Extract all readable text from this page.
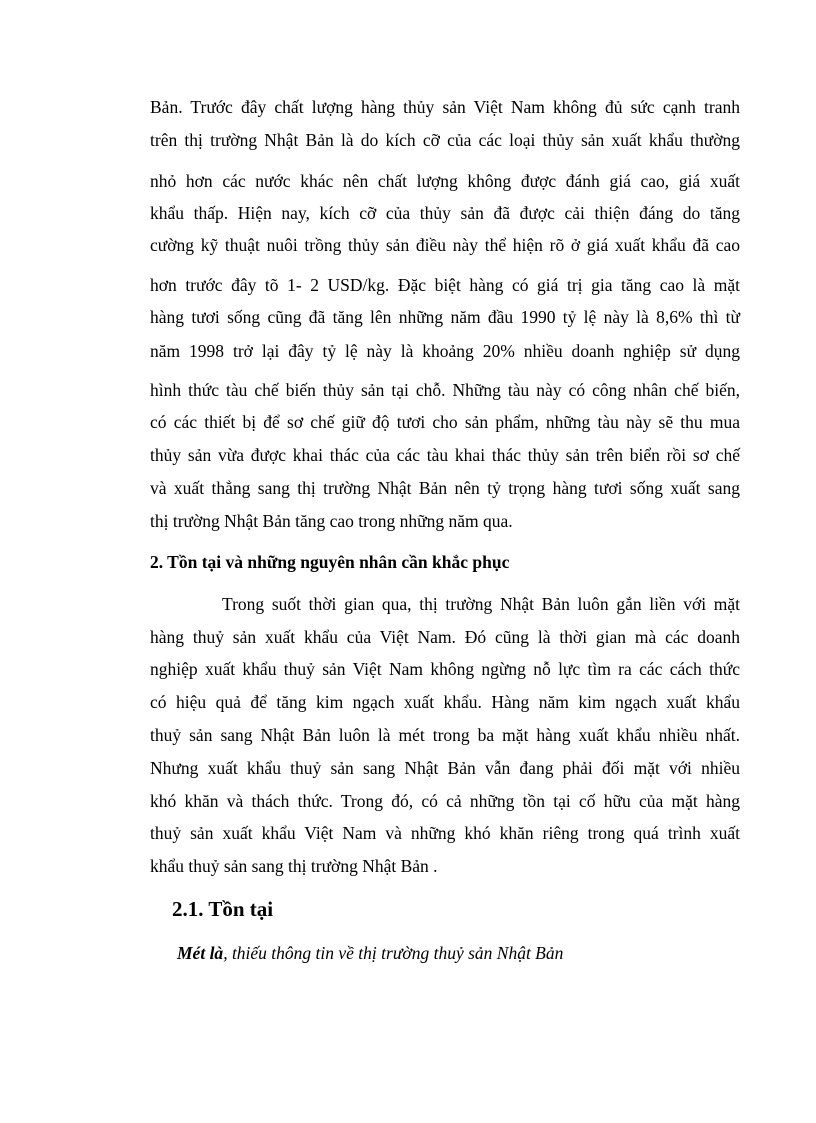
Bản. Trước đây chất lượng hàng thủy sản Việt Nam không đủ sức cạnh tranh
trên thị trường Nhật Bản là do kích cỡ của các loại thủy sản xuất khẩu thường
nhỏ hơn các nước khác nên chất lượng không được đánh giá cao, giá xuất
khẩu thấp. Hiện nay, kích cỡ của thủy sản đã được cải thiện đáng do tăng
cường kỹ thuật nuôi trồng thủy sản điều này thể hiện rõ ở giá xuất khẩu đã cao
hơn trước đây tõ 1- 2 USD/kg. Đặc biệt hàng có giá trị gia tăng cao là mặt
hàng tươi sống cũng đã tăng lên những năm đầu 1990 tỷ lệ này là 8,6% thì từ
năm 1998 trở lại đây tỷ lệ này là khoảng 20% nhiều doanh nghiệp sử dụng
hình thức tàu chế biến thủy sản tại chỗ. Những tàu này có công nhân chế biến,
có các thiết bị để sơ chế giữ độ tươi cho sản phẩm, những tàu này sẽ thu mua
thủy sản vừa được khai thác của các tàu khai thác thủy sản trên biển rồi sơ chế
và xuất thẳng sang thị trường Nhật Bản nên tỷ trọng hàng tươi sống xuất sang
thị trường Nhật Bản tăng cao trong những năm qua.
2. Tồn tại và những nguyên nhân cần khắc phục
Trong suốt thời gian qua, thị trường Nhật Bản luôn gắn liền với mặt
hàng thuỷ sản xuất khẩu của Việt Nam. Đó cũng là thời gian mà các doanh
nghiệp xuất khẩu thuỷ sản Việt Nam không ngừng nỗ lực tìm ra các cách thức
có hiệu quả để tăng kim ngạch xuất khẩu. Hàng năm kim ngạch xuất khẩu
thuỷ sản sang Nhật Bản luôn là mét trong ba mặt hàng xuất khẩu nhiều nhất.
Nhưng xuất khẩu thuỷ sản sang Nhật Bản vẫn đang phải đối mặt với nhiều
khó khăn và thách thức. Trong đó, có cả những tồn tại cố hữu của mặt hàng
thuỷ sản xuất khẩu Việt Nam và những khó khăn riêng trong quá trình xuất
khẩu thuỷ sản sang thị trường Nhật Bản .
2.1. Tồn tại
Mét là, thiếu thông tin về thị trường thuỷ sản Nhật Bản
